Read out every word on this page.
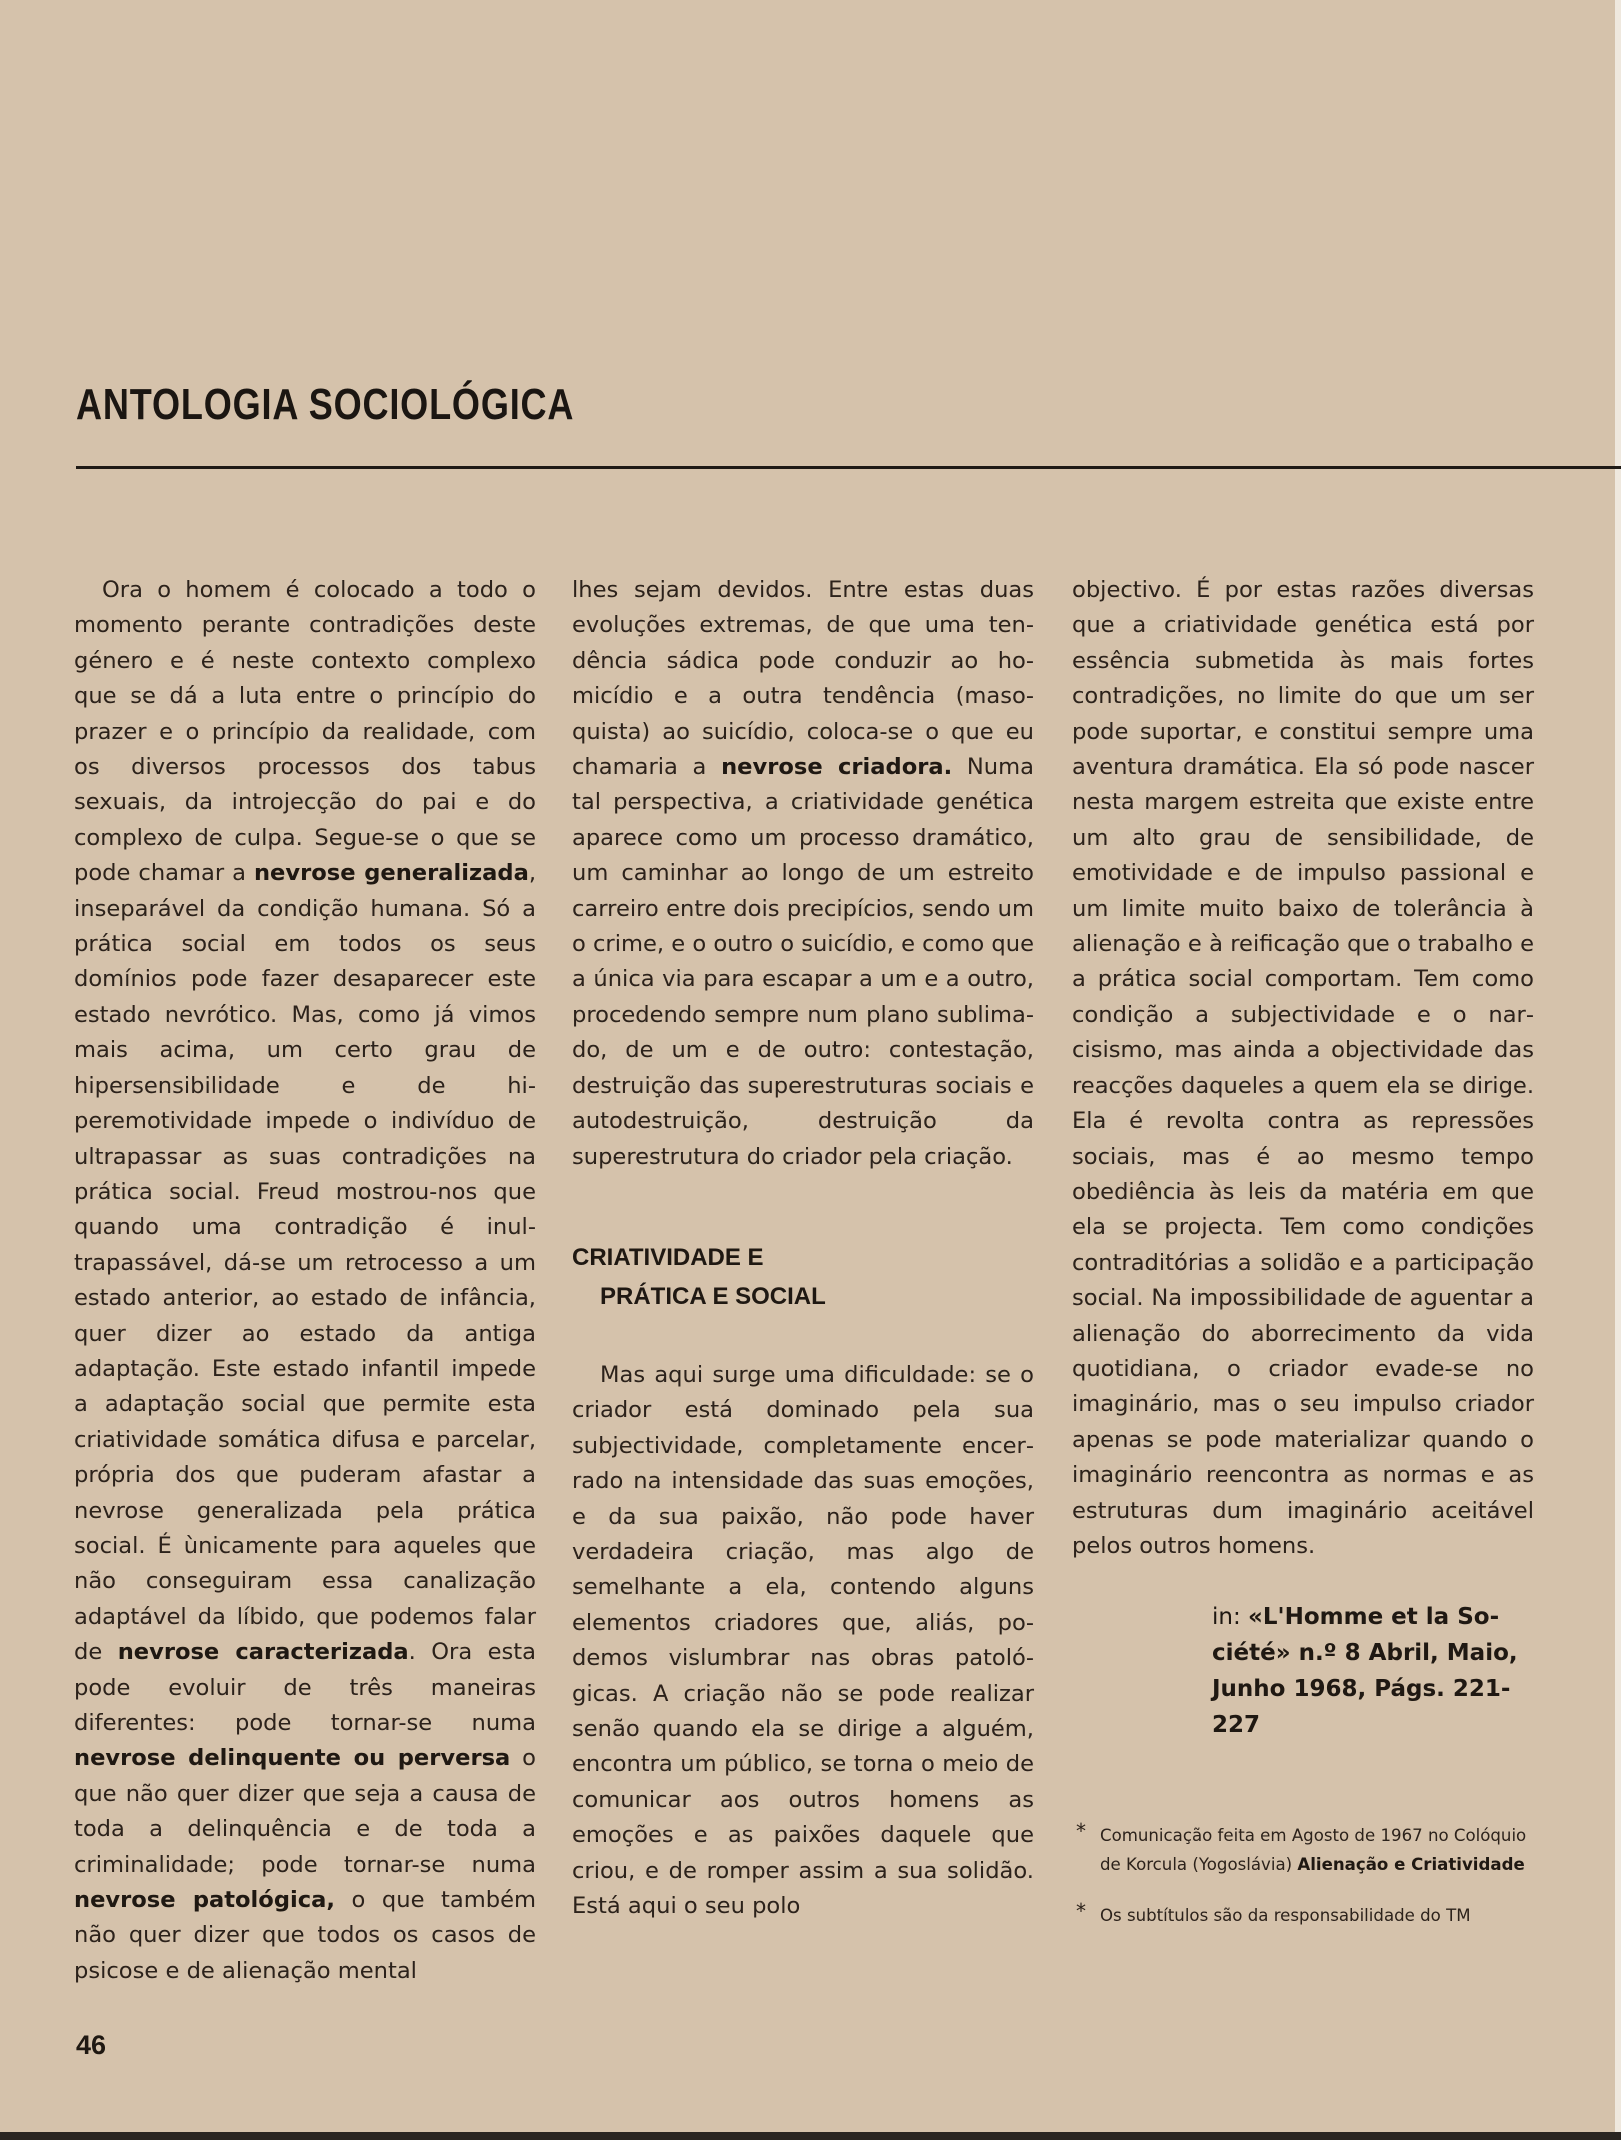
ANTOLOGIA SOCIOLÓGICA

Ora o homem é colocado a todo o momento perante contradições deste género e é neste contexto complexo que se dá a luta entre o princípio do prazer e o princípio da realidade, com os diversos processos dos tabus sexuais, da introjecção do pai e do complexo de culpa. Segue-se o que se pode chamar a nevrose generalizada, inseparável da condição humana. Só a prática social em todos os seus domínios pode fazer desaparecer este estado nevrótico. Mas, como já vimos mais acima, um certo grau de hipersensibilidade e de hiperemotividade impede o indivíduo de ultrapassar as suas contradições na prática social. Freud mostrou-nos que quando uma contradição é inultrapassável, dá-se um retrocesso a um estado anterior, ao estado de infância, quer dizer ao estado da antiga adaptação. Este estado infantil impede a adaptação social que permite esta criatividade somática difusa e parcelar, própria dos que puderam afastar a nevrose generalizada pela prática social. É ùnicamente para aqueles que não conseguiram essa canalização adaptável da líbido, que podemos falar de nevrose caracterizada. Ora esta pode evoluir de três maneiras diferentes: pode tornar-se numa nevrose delinquente ou perversa o que não quer dizer que seja a causa de toda a delinquência e de toda a criminalidade; pode tornar-se numa nevrose patológica, o que também não quer dizer que todos os casos de psicose e de alienação mental

lhes sejam devidos. Entre estas duas evoluções extremas, de que uma tendência sádica pode conduzir ao homicídio e a outra tendência (masoquista) ao suicídio, coloca-se o que eu chamaria a nevrose criadora. Numa tal perspectiva, a criatividade genética aparece como um processo dramático, um caminhar ao longo de um estreito carreiro entre dois precipícios, sendo um o crime, e o outro o suicídio, e como que a única via para escapar a um e a outro, procedendo sempre num plano sublimado, de um e de outro: contestação, destruição das superestruturas sociais e autodestruição, destruição da superestrutura do criador pela criação.

CRIATIVIDADE E
PRÁTICA E SOCIAL

Mas aqui surge uma dificuldade: se o criador está dominado pela sua subjectividade, completamente encerrado na intensidade das suas emoções, e da sua paixão, não pode haver verdadeira criação, mas algo de semelhante a ela, contendo alguns elementos criadores que, aliás, podemos vislumbrar nas obras patológicas. A criação não se pode realizar senão quando ela se dirige a alguém, encontra um público, se torna o meio de comunicar aos outros homens as emoções e as paixões daquele que criou, e de romper assim a sua solidão. Está aqui o seu polo

objectivo. É por estas razões diversas que a criatividade genética está por essência submetida às mais fortes contradições, no limite do que um ser pode suportar, e constitui sempre uma aventura dramática. Ela só pode nascer nesta margem estreita que existe entre um alto grau de sensibilidade, de emotividade e de impulso passional e um limite muito baixo de tolerância à alienação e à reificação que o trabalho e a prática social comportam. Tem como condição a subjectividade e o narcisismo, mas ainda a objectividade das reacções daqueles a quem ela se dirige. Ela é revolta contra as repressões sociais, mas é ao mesmo tempo obediência às leis da matéria em que ela se projecta. Tem como condições contraditórias a solidão e a participação social. Na impossibilidade de aguentar a alienação do aborrecimento da vida quotidiana, o criador evade-se no imaginário, mas o seu impulso criador apenas se pode materializar quando o imaginário reencontra as normas e as estruturas dum imaginário aceitável pelos outros homens.

in: «L'Homme et la Société» n.º 8 Abril, Maio, Junho 1968, Págs. 221-227
* Comunicação feita em Agosto de 1967 no Colóquio de Korcula (Yogoslávia) Alienação e Criatividade
* Os subtítulos são da responsabilidade do TM
46
